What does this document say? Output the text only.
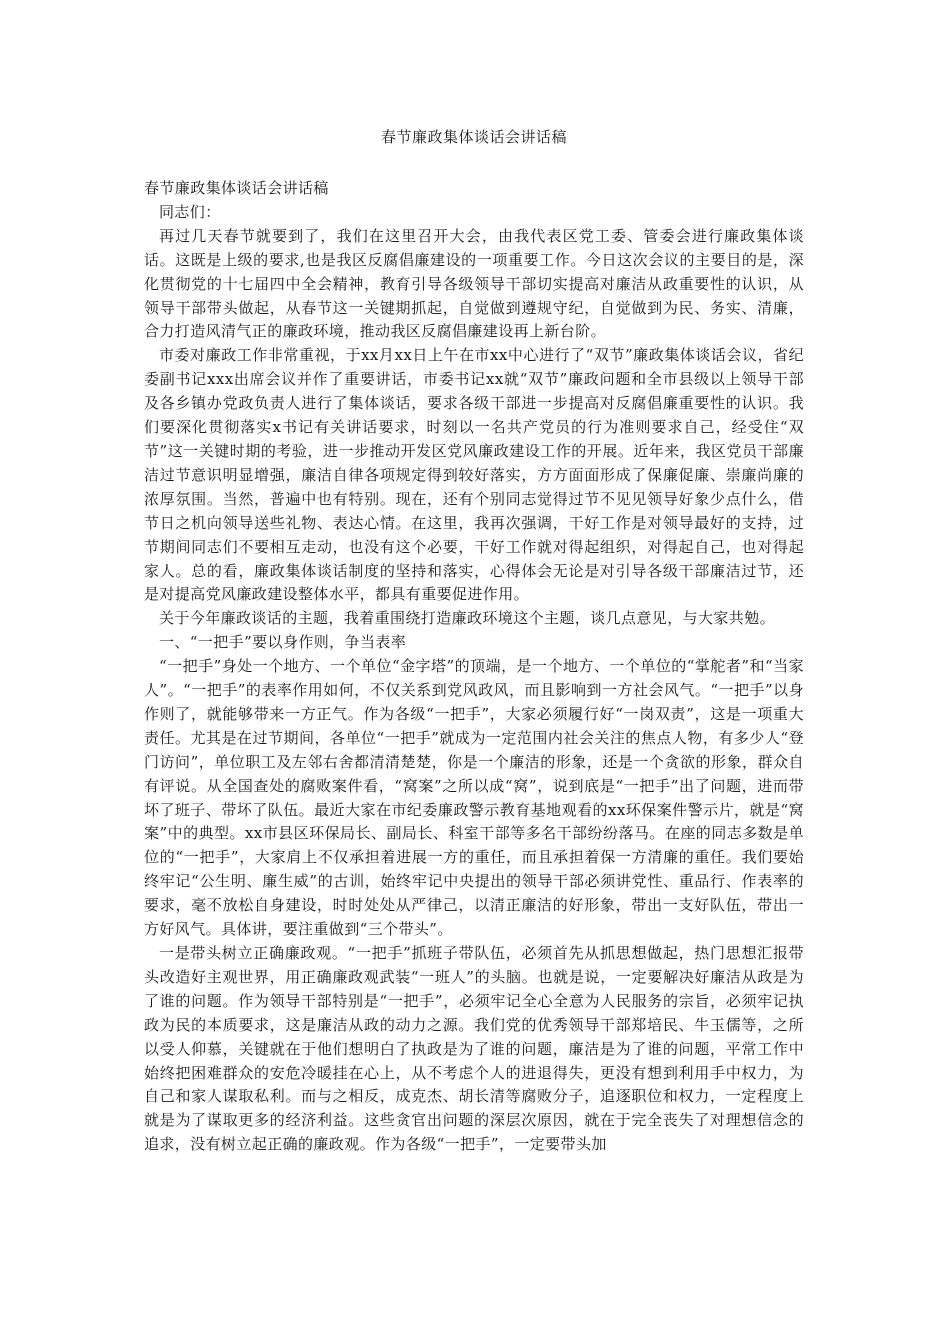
春节廉政集体谈话会讲话稿

春节廉政集体谈话会讲话稿

同志们：

再过几天春节就要到了，我们在这里召开大会，由我代表区党工委、管委会进行廉政集体谈话。这既是上级的要求,也是我区反腐倡廉建设的一项重要工作。今日这次会议的主要目的是，深化贯彻党的十七届四中全会精神，教育引导各级领导干部切实提高对廉洁从政重要性的认识，从领导干部带头做起，从春节这一关键期抓起，自觉做到遵规守纪，自觉做到为民、务实、清廉，合力打造风清气正的廉政环境，推动我区反腐倡廉建设再上新台阶。

市委对廉政工作非常重视，于xx月xx日上午在市xx中心进行了“双节”廉政集体谈话会议，省纪委副书记xxx出席会议并作了重要讲话，市委书记xx就“双节”廉政问题和全市县级以上领导干部及各乡镇办党政负责人进行了集体谈话，要求各级干部进一步提高对反腐倡廉重要性的认识。我们要深化贯彻落实x书记有关讲话要求，时刻以一名共产党员的行为准则要求自己，经受住“双节”这一关键时期的考验，进一步推动开发区党风廉政建设工作的开展。近年来，我区党员干部廉洁过节意识明显增强，廉洁自律各项规定得到较好落实，方方面面形成了保廉促廉、崇廉尚廉的浓厚氛围。当然，普遍中也有特别。现在，还有个别同志觉得过节不见见领导好象少点什么，借节日之机向领导送些礼物、表达心情。在这里，我再次强调，干好工作是对领导最好的支持，过节期间同志们不要相互走动，也没有这个必要，干好工作就对得起组织，对得起自己，也对得起家人。总的看，廉政集体谈话制度的坚持和落实，心得体会无论是对引导各级干部廉洁过节，还是对提高党风廉政建设整体水平，都具有重要促进作用。

关于今年廉政谈话的主题，我着重围绕打造廉政环境这个主题，谈几点意见，与大家共勉。

一、“一把手”要以身作则，争当表率

“一把手”身处一个地方、一个单位“金字塔”的顶端，是一个地方、一个单位的“掌舵者”和“当家人”。“一把手”的表率作用如何，不仅关系到党风政风，而且影响到一方社会风气。“一把手”以身作则了，就能够带来一方正气。作为各级“一把手”，大家必须履行好“一岗双责”，这是一项重大责任。尤其是在过节期间，各单位“一把手”就成为一定范围内社会关注的焦点人物，有多少人“登门访问”，单位职工及左邻右舍都清清楚楚，你是一个廉洁的形象，还是一个贪欲的形象，群众自有评说。从全国查处的腐败案件看，“窝案”之所以成“窝”，说到底是“一把手”出了问题，进而带坏了班子、带坏了队伍。最近大家在市纪委廉政警示教育基地观看的xx环保案件警示片，就是“窝案”中的典型。xx市县区环保局长、副局长、科室干部等多名干部纷纷落马。在座的同志多数是单位的“一把手”，大家肩上不仅承担着进展一方的重任，而且承担着保一方清廉的重任。我们要始终牢记“公生明、廉生威”的古训，始终牢记中央提出的领导干部必须讲党性、重品行、作表率的要求，毫不放松自身建设，时时处处从严律己，以清正廉洁的好形象，带出一支好队伍，带出一方好风气。具体讲，要注重做到“三个带头”。

一是带头树立正确廉政观。“一把手”抓班子带队伍，必须首先从抓思想做起，热门思想汇报带头改造好主观世界，用正确廉政观武装“一班人”的头脑。也就是说，一定要解决好廉洁从政是为了谁的问题。作为领导干部特别是“一把手”，必须牢记全心全意为人民服务的宗旨，必须牢记执政为民的本质要求，这是廉洁从政的动力之源。我们党的优秀领导干部郑培民、牛玉儒等，之所以受人仰慕，关键就在于他们想明白了执政是为了谁的问题，廉洁是为了谁的问题，平常工作中始终把困难群众的安危冷暖挂在心上，从不考虑个人的进退得失，更没有想到利用手中权力，为自己和家人谋取私利。而与之相反，成克杰、胡长清等腐败分子，追逐职位和权力，一定程度上就是为了谋取更多的经济利益。这些贪官出问题的深层次原因，就在于完全丧失了对理想信念的追求，没有树立起正确的廉政观。作为各级“一把手”，一定要带头加
